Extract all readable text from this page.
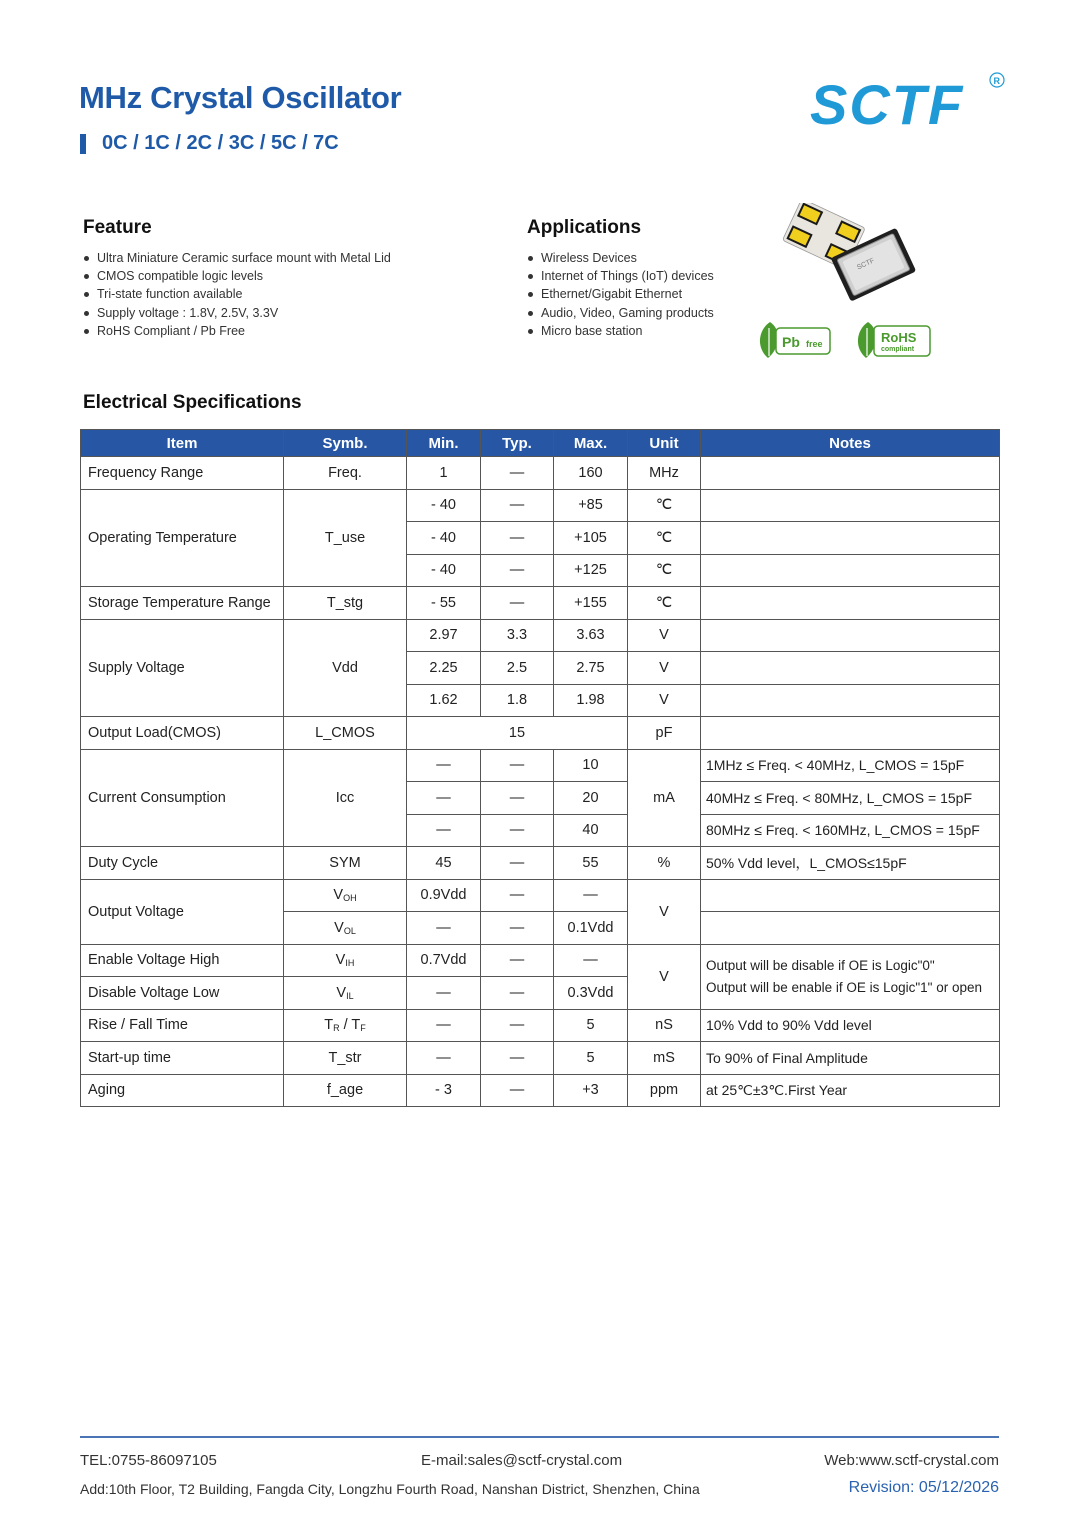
MHz Crystal Oscillator
0C / 1C / 2C / 3C / 5C / 7C
SCTF	R
Feature
Ultra Miniature Ceramic surface mount with Metal Lid
CMOS compatible logic levels
Tri-state function available
Supply voltage : 1.8V, 2.5V, 3.3V
RoHS Compliant / Pb Free
Applications
Wireless Devices
Internet of Things (IoT) devices
Ethernet/Gigabit Ethernet
Audio, Video, Gaming products
Micro base station
SCTF
Pb free	RoHS
compliant
Electrical Specifications
Item	Symb.	Min.	Typ.	Max.	Unit	Notes
Frequency Range	Freq.	1	—	160	MHz	
Operating Temperature	T_use	- 40	—	+85	℃	
		- 40	—	+105	℃	
		- 40	—	+125	℃	
Storage Temperature Range	T_stg	- 55	—	+155	℃	
Supply Voltage	Vdd	2.97	3.3	3.63	V	
		2.25	2.5	2.75	V	
		1.62	1.8	1.98	V	
Output Load(CMOS)	L_CMOS	15			pF	
Current Consumption	Icc	—	—	10	mA	1MHz ≤ Freq. < 40MHz, L_CMOS = 15pF
		—	—	20		40MHz ≤ Freq. < 80MHz, L_CMOS = 15pF
		—	—	40		80MHz ≤ Freq. < 160MHz, L_CMOS = 15pF
Duty Cycle	SYM	45	—	55	%	50% Vdd level，L_CMOS≤15pF
Output Voltage	$V_{OH}$	0.9Vdd	—	—	V	
	$V_{OL}$	—	—	0.1Vdd		
Enable Voltage High	$V_{IH}$	0.7Vdd	—	—	V	Output will be disable if OE is Logic"0"
Output will be enable if OE is Logic"1" or open

Disable Voltage Low	$V_{IL}$	—	—	0.3Vdd		
Rise / Fall Time	$T_R / T_F$	—	—	5	nS	10% Vdd to 90% Vdd level
Start-up time	T_str	—	—	5	mS	To 90% of Final Amplitude
Aging	f_age	- 3	—	+3	ppm	at 25℃±3℃.First Year
TEL:0755-86097105	E-mail:sales@sctf-crystal.com	Web:www.sctf-crystal.com
Add:10th Floor, T2 Building, Fangda City, Longzhu Fourth Road, Nanshan District, Shenzhen, China	Revision: 05/12/2026
